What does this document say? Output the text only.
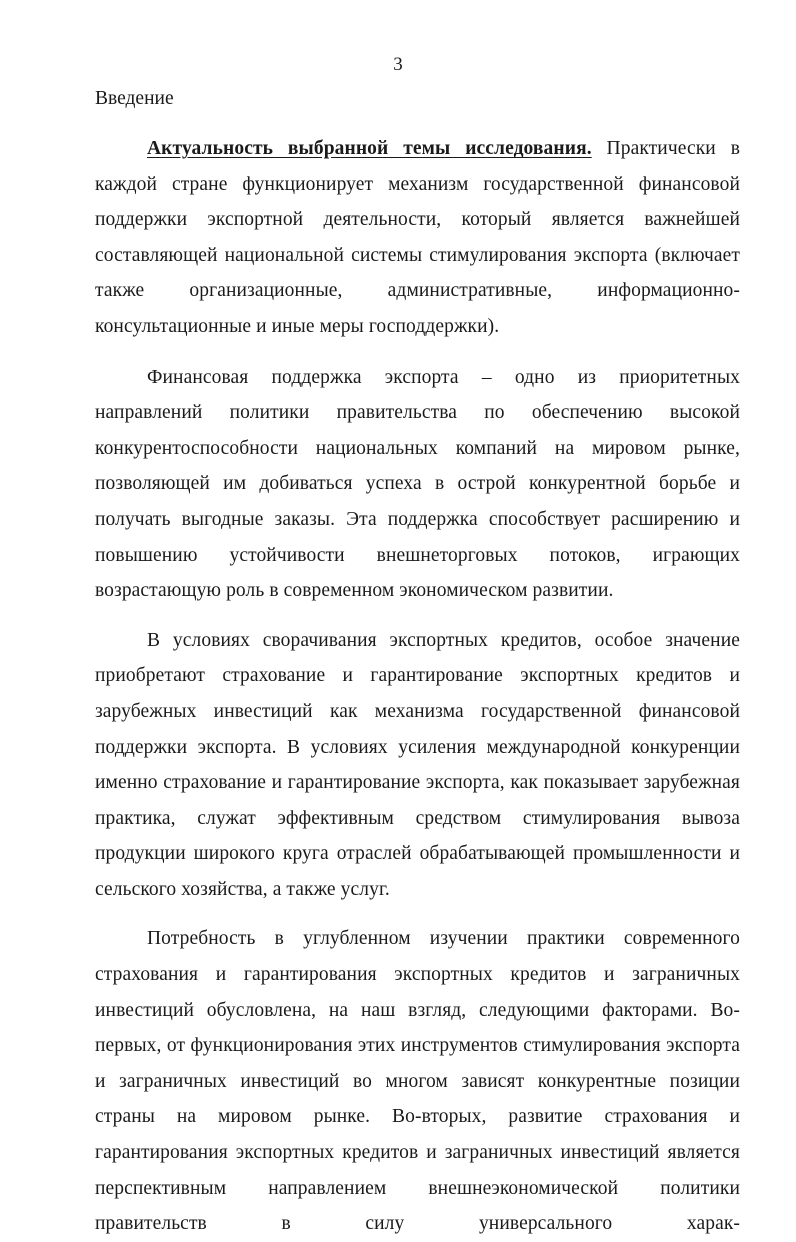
3
Введение

Актуальность выбранной темы исследования. Практически в каждой стране функционирует механизм государственной финансовой поддержки экспортной деятельности, который является важнейшей составляющей национальной системы стимулирования экспорта (включает также организационные, административные, информационно-консультационные и иные меры господдержки).

Финансовая поддержка экспорта – одно из приоритетных направлений политики правительства по обеспечению высокой конкурентоспособности национальных компаний на мировом рынке, позволяющей им добиваться успеха в острой конкурентной борьбе и получать выгодные заказы. Эта поддержка способствует расширению и повышению устойчивости внешнеторговых потоков, играющих возрастающую роль в современном экономическом развитии.

В условиях сворачивания экспортных кредитов, особое значение приобретают страхование и гарантирование экспортных кредитов и зарубежных инвестиций как механизма государственной финансовой поддержки экспорта. В условиях усиления международной конкуренции именно страхование и гарантирование экспорта, как показывает зарубежная практика, служат эффективным средством стимулирования вывоза продукции широкого круга отраслей обрабатывающей промышленности и сельского хозяйства, а также услуг.

Потребность в углубленном изучении практики современного страхования и гарантирования экспортных кредитов и заграничных инвестиций обусловлена, на наш взгляд, следующими факторами. Во-первых, от функционирования этих инструментов стимулирования экспорта и заграничных инвестиций во многом зависят конкурентные позиции страны на мировом рынке. Во-вторых, развитие страхования и гарантирования экспортных кредитов и заграничных инвестиций является перспективным направлением внешнеэкономической политики правительств в силу универсального харак-
